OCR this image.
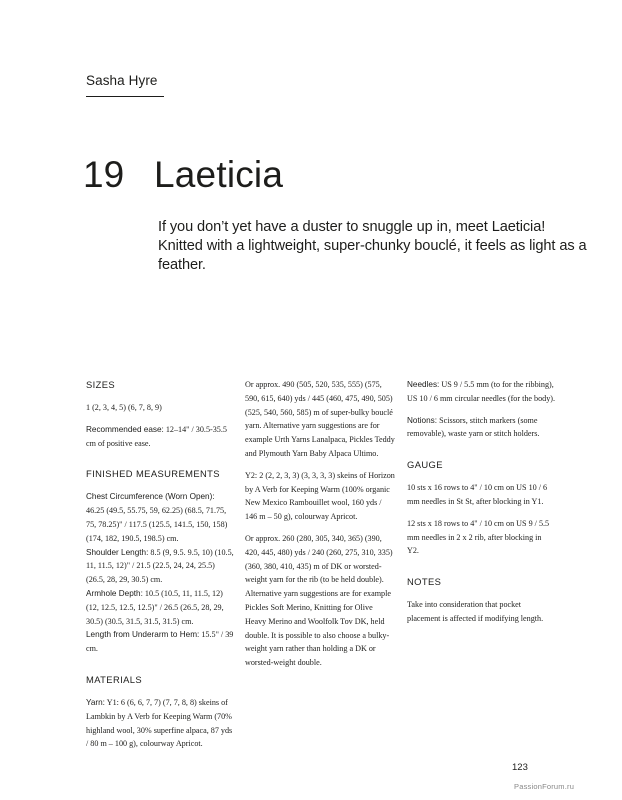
Sasha Hyre
19 Laeticia
If you don’t yet have a duster to snuggle up in, meet Laeticia! Knitted with a lightweight, super-chunky bouclé, it feels as light as a feather.
SIZES
1 (2, 3, 4, 5) (6, 7, 8, 9)
Recommended ease: 12–14" / 30.5-35.5 cm of positive ease.
FINISHED MEASUREMENTS
Chest Circumference (Worn Open): 46.25 (49.5, 55.75, 59, 62.25) (68.5, 71.75, 75, 78.25)" / 117.5 (125.5, 141.5, 150, 158) (174, 182, 190.5, 198.5) cm.
Shoulder Length: 8.5 (9, 9.5. 9.5, 10) (10.5, 11, 11.5, 12)" / 21.5 (22.5, 24, 24, 25.5) (26.5, 28, 29, 30.5) cm.
Armhole Depth: 10.5 (10.5, 11, 11.5, 12) (12, 12.5, 12.5, 12.5)" / 26.5 (26.5, 28, 29, 30.5) (30.5, 31.5, 31.5, 31.5) cm.
Length from Underarm to Hem: 15.5" / 39 cm.
MATERIALS
Yarn: Y1: 6 (6, 6, 7, 7) (7, 7, 8, 8) skeins of Lambkin by A Verb for Keeping Warm (70% highland wool, 30% superfine alpaca, 87 yds / 80 m – 100 g), colourway Apricot.
Or approx. 490 (505, 520, 535, 555) (575, 590, 615, 640) yds / 445 (460, 475, 490, 505) (525, 540, 560, 585) m of super-bulky bouclé yarn. Alternative yarn suggestions are for example Urth Yarns Lanalpaca, Pickles Teddy and Plymouth Yarn Baby Alpaca Ultimo.
Y2: 2 (2, 2, 3, 3) (3, 3, 3, 3) skeins of Horizon by A Verb for Keeping Warm (100% organic New Mexico Rambouillet wool, 160 yds / 146 m – 50 g), colourway Apricot.
Or approx. 260 (280, 305, 340, 365) (390, 420, 445, 480) yds / 240 (260, 275, 310, 335) (360, 380, 410, 435) m of DK or worsted-weight yarn for the rib (to be held double). Alternative yarn suggestions are for example Pickles Soft Merino, Knitting for Olive Heavy Merino and Woolfolk Tov DK, held double. It is possible to also choose a bulky-weight yarn rather than holding a DK or worsted-weight double.
Needles: US 9 / 5.5 mm (to for the ribbing), US 10 / 6 mm circular needles (for the body).
Notions: Scissors, stitch markers (some removable), waste yarn or stitch holders.
GAUGE
10 sts x 16 rows to 4" / 10 cm on US 10 / 6 mm needles in St St, after blocking in Y1.
12 sts x 18 rows to 4" / 10 cm on US 9 / 5.5 mm needles in 2 x 2 rib, after blocking in Y2.
NOTES
Take into consideration that pocket placement is affected if modifying length.
123
PassionForum.ru
